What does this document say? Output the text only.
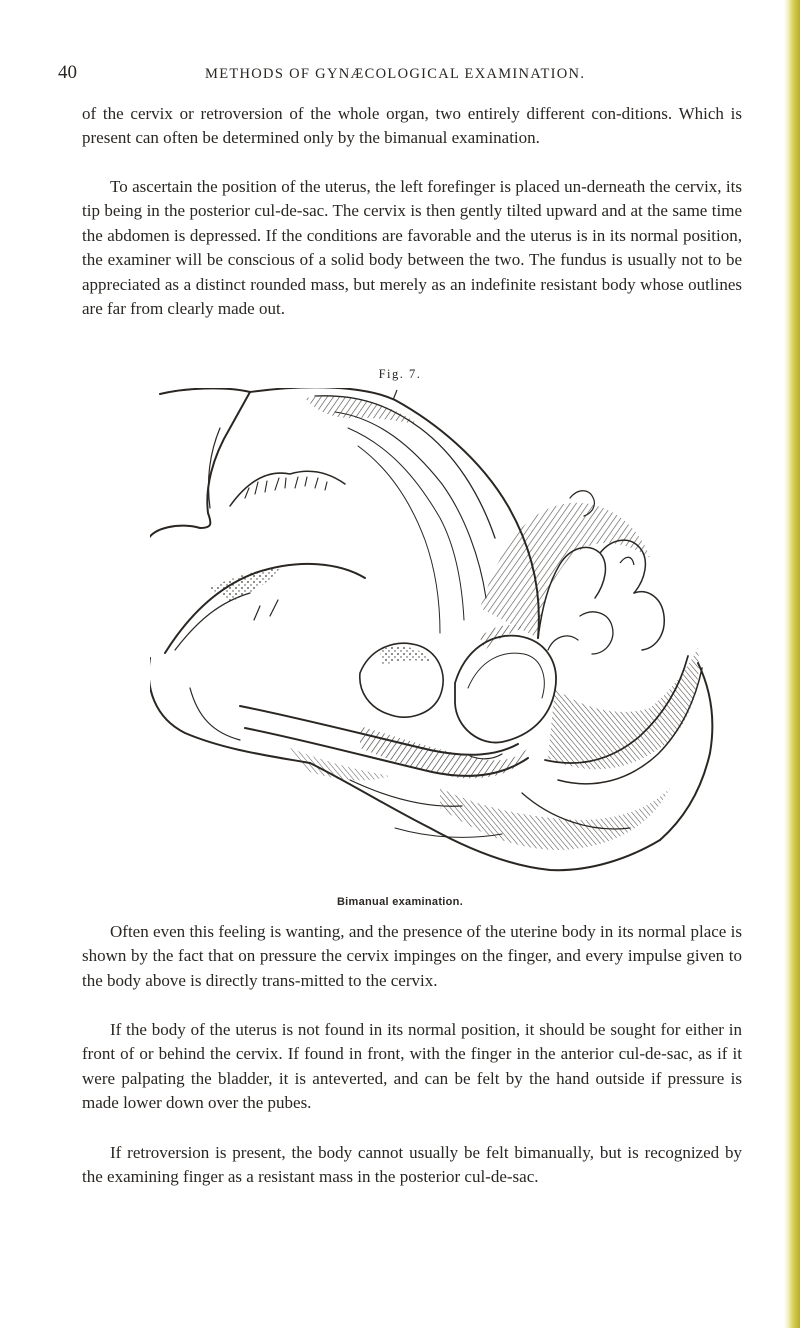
40	METHODS OF GYNÆCOLOGICAL EXAMINATION.

of the cervix or retroversion of the whole organ, two entirely different con-ditions. Which is present can often be determined only by the bimanual examination.

To ascertain the position of the uterus, the left forefinger is placed un-derneath the cervix, its tip being in the posterior cul-de-sac. The cervix is then gently tilted upward and at the same time the abdomen is depressed. If the conditions are favorable and the uterus is in its normal position, the examiner will be conscious of a solid body between the two. The fundus is usually not to be appreciated as a distinct rounded mass, but merely as an indefinite resistant body whose outlines are far from clearly made out.

Fig. 7.
Bimanual examination.

Often even this feeling is wanting, and the presence of the uterine body in its normal place is shown by the fact that on pressure the cervix impinges on the finger, and every impulse given to the body above is directly trans-mitted to the cervix.

If the body of the uterus is not found in its normal position, it should be sought for either in front of or behind the cervix. If found in front, with the finger in the anterior cul-de-sac, as if it were palpating the bladder, it is anteverted, and can be felt by the hand outside if pressure is made lower down over the pubes.

If retroversion is present, the body cannot usually be felt bimanually, but is recognized by the examining finger as a resistant mass in the posterior cul-de-sac.
